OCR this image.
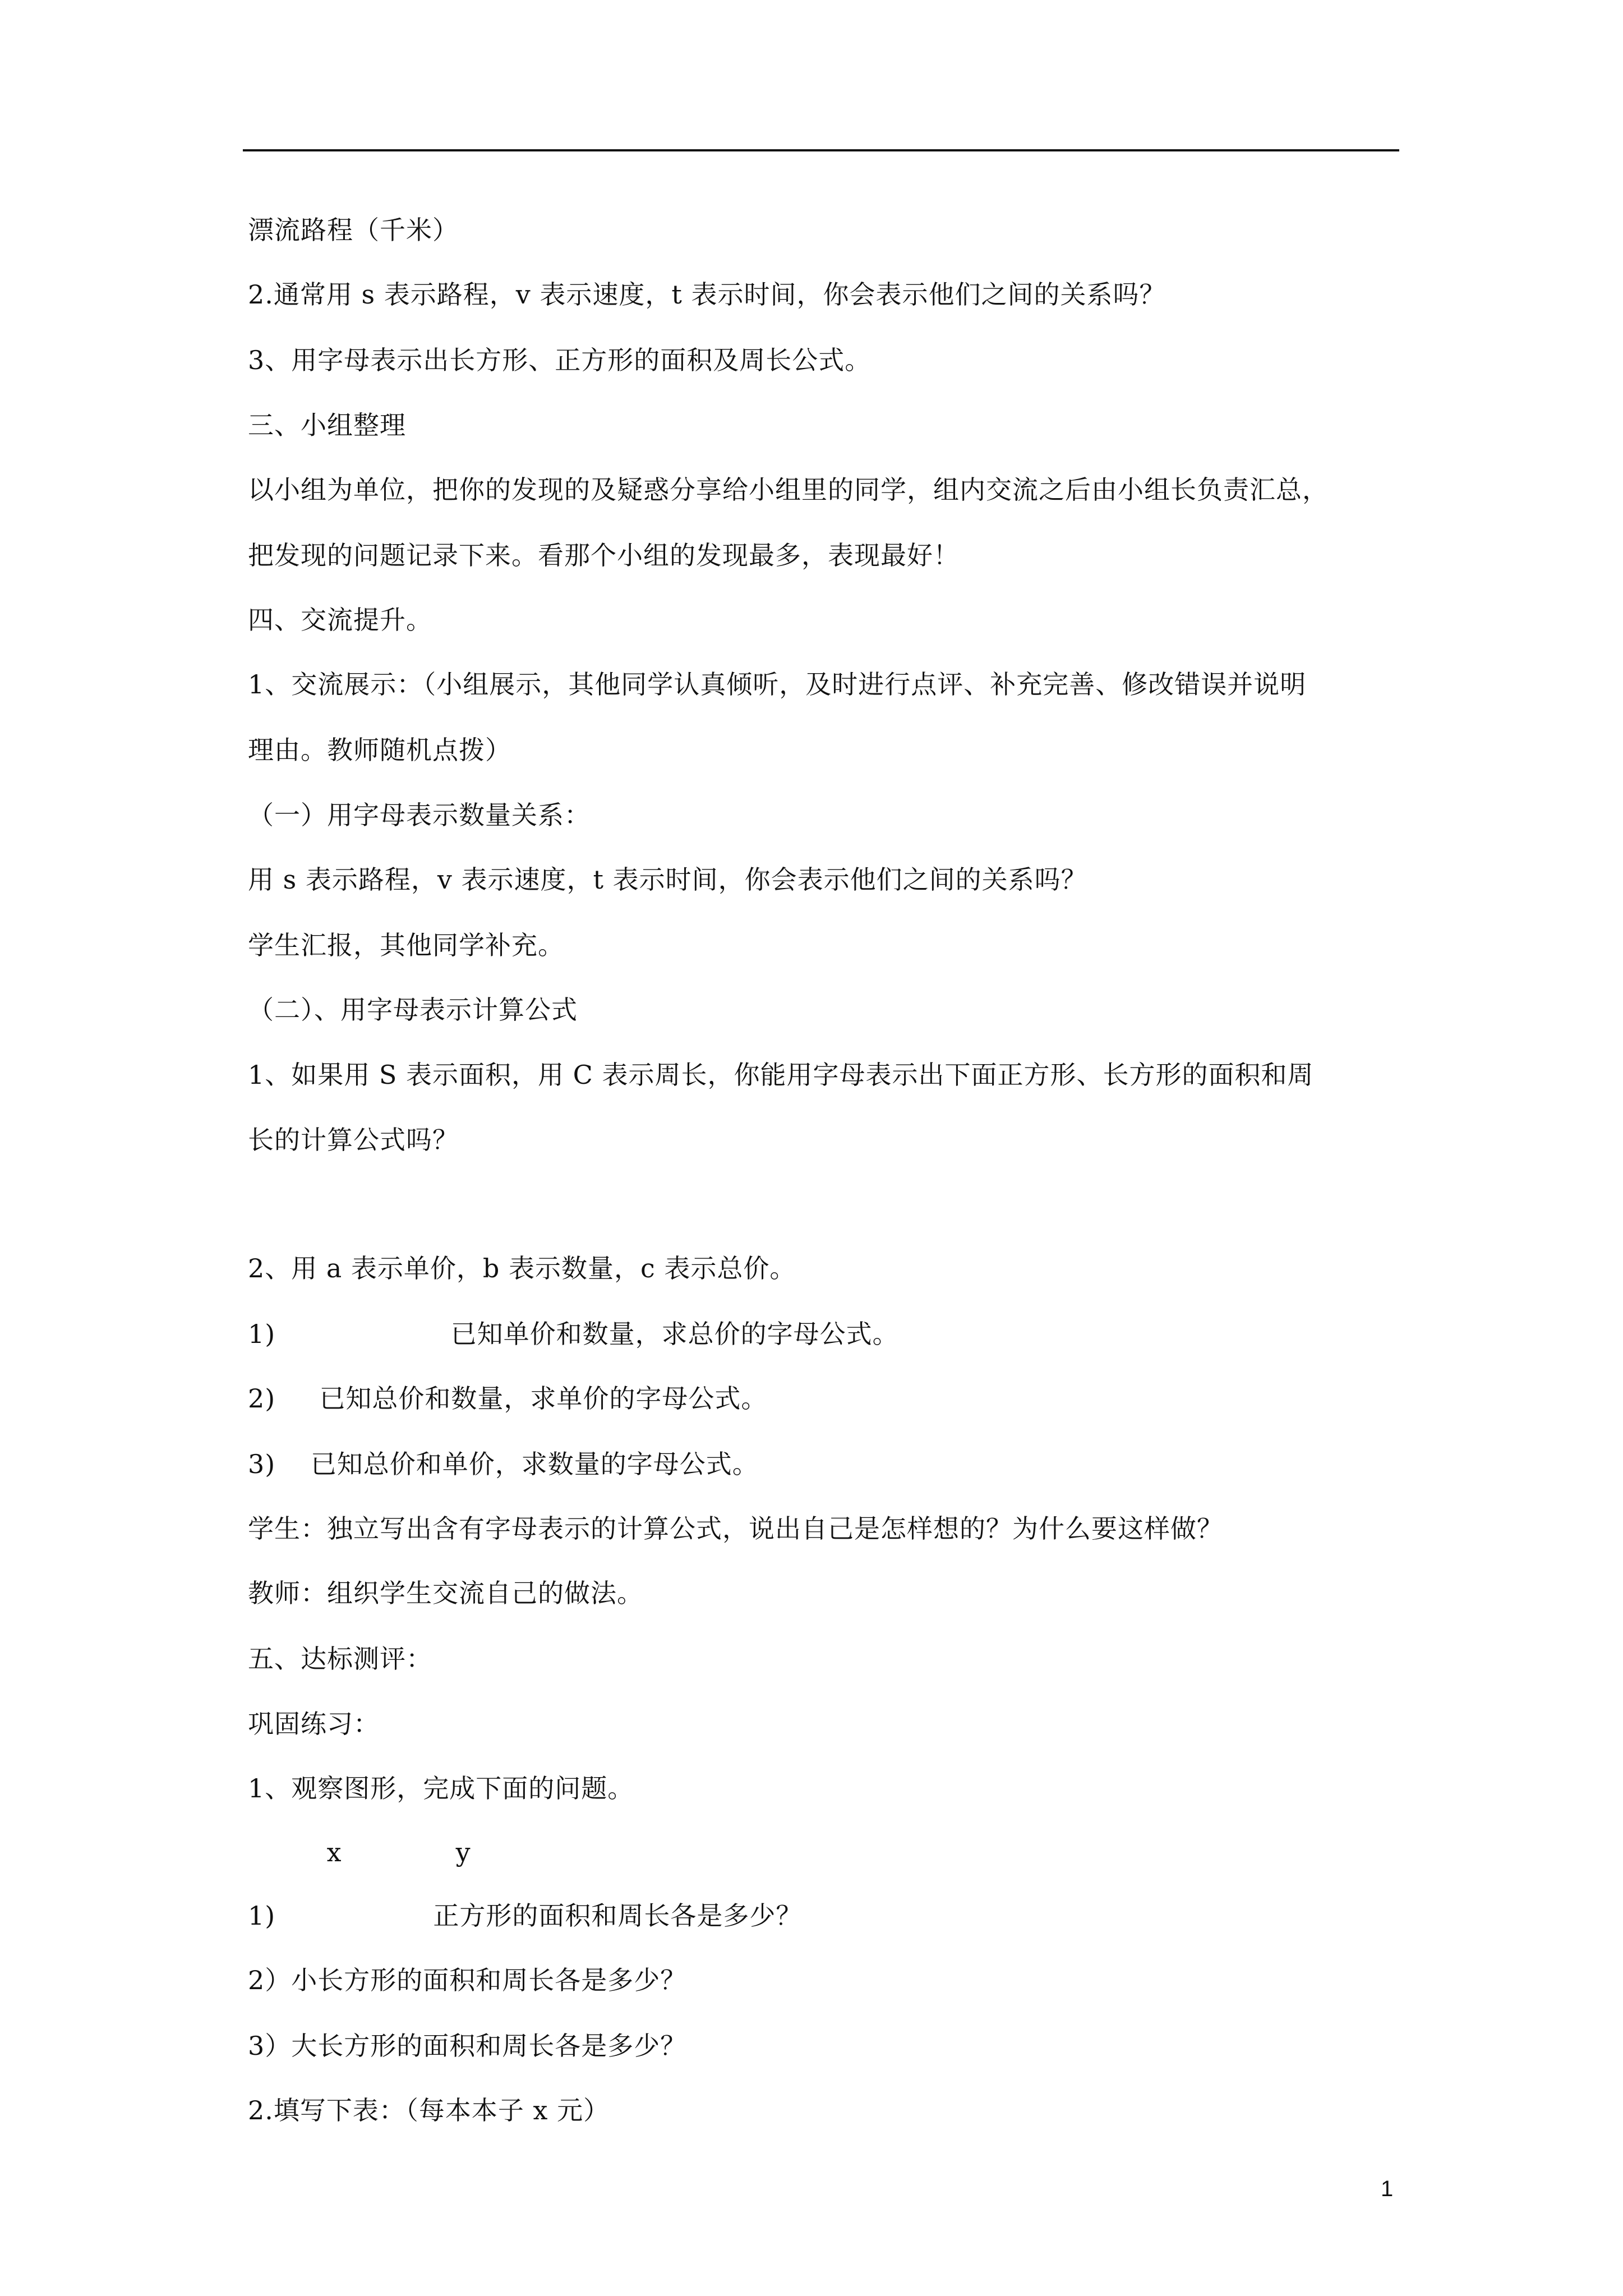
漂流路程（千米）
2.通常用 s 表示路程，v 表示速度，t 表示时间，你会表示他们之间的关系吗？
3、用字母表示出长方形、正方形的面积及周长公式。
三、小组整理
以小组为单位，把你的发现的及疑惑分享给小组里的同学，组内交流之后由小组长负责汇总，
把发现的问题记录下来。看那个小组的发现最多，表现最好！
四、交流提升。
1、交流展示：（小组展示，其他同学认真倾听，及时进行点评、补充完善、修改错误并说明
理由。教师随机点拨）
（一）用字母表示数量关系：
用 s 表示路程，v 表示速度，t 表示时间，你会表示他们之间的关系吗？
学生汇报，其他同学补充。
（二）、用字母表示计算公式
1、如果用 S 表示面积，用 C 表示周长，你能用字母表示出下面正方形、长方形的面积和周
长的计算公式吗？
2、用 a 表示单价，b 表示数量，c 表示总价。
1)                    已知单价和数量，求总价的字母公式。
2)     已知总价和数量，求单价的字母公式。
3)    已知总价和单价，求数量的字母公式。
学生：独立写出含有字母表示的计算公式，说出自己是怎样想的？为什么要这样做？
教师：组织学生交流自己的做法。
五、达标测评：
巩固练习：
1、观察图形，完成下面的问题。
x             y
1)                  正方形的面积和周长各是多少？
2）小长方形的面积和周长各是多少？
3）大长方形的面积和周长各是多少？
2.填写下表：（每本本子 x 元）
1
